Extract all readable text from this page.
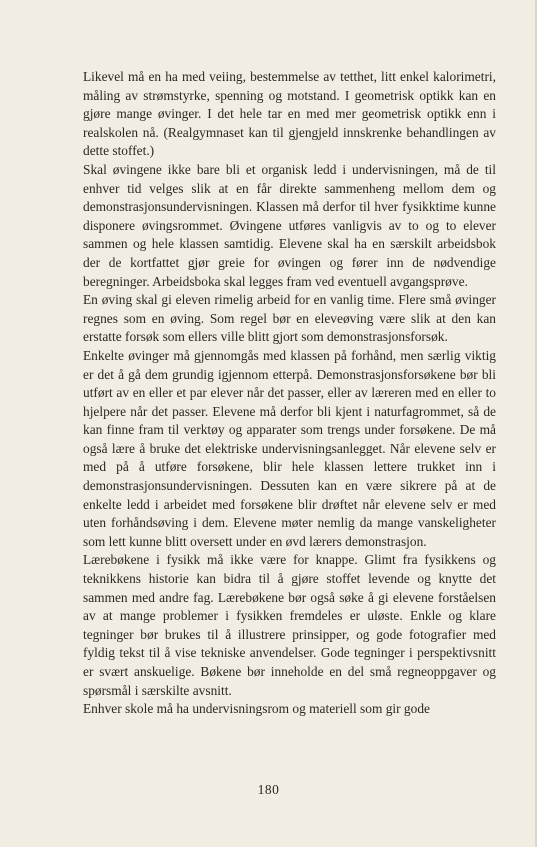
Likevel må en ha med veiing, bestemmelse av tetthet, litt enkel kalorimetri, måling av strømstyrke, spenning og motstand. I geometrisk optikk kan en gjøre mange øvinger. I det hele tar en med mer geometrisk optikk enn i realskolen nå. (Realgymnaset kan til gjengjeld innskrenke behandlingen av dette stoffet.)

Skal øvingene ikke bare bli et organisk ledd i undervisningen, må de til enhver tid velges slik at en får direkte sammenheng mellom dem og demonstrasjonsundervisningen. Klassen må derfor til hver fysikktime kunne disponere øvingsrommet. Øvingene utføres vanligvis av to og to elever sammen og hele klassen samtidig. Elevene skal ha en særskilt arbeidsbok der de kortfattet gjør greie for øvingen og fører inn de nødvendige beregninger. Arbeidsboka skal legges fram ved eventuell avgangsprøve.

En øving skal gi eleven rimelig arbeid for en vanlig time. Flere små øvinger regnes som en øving. Som regel bør en eleveøving være slik at den kan erstatte forsøk som ellers ville blitt gjort som demonstrasjonsforsøk.

Enkelte øvinger må gjennomgås med klassen på forhånd, men særlig viktig er det å gå dem grundig igjennom etterpå. Demonstrasjonsforsøkene bør bli utført av en eller et par elever når det passer, eller av læreren med en eller to hjelpere når det passer. Elevene må derfor bli kjent i naturfagrommet, så de kan finne fram til verktøy og apparater som trengs under forsøkene. De må også lære å bruke det elektriske undervisningsanlegget. Når elevene selv er med på å utføre forsøkene, blir hele klassen lettere trukket inn i demonstrasjonsundervisningen. Dessuten kan en være sikrere på at de enkelte ledd i arbeidet med forsøkene blir drøftet når elevene selv er med uten forhåndsøving i dem. Elevene møter nemlig da mange vanskeligheter som lett kunne blitt oversett under en øvd lærers demonstrasjon.

Lærebøkene i fysikk må ikke være for knappe. Glimt fra fysikkens og teknikkens historie kan bidra til å gjøre stoffet levende og knytte det sammen med andre fag. Lærebøkene bør også søke å gi elevene forståelsen av at mange problemer i fysikken fremdeles er uløste. Enkle og klare tegninger bør brukes til å illustrere prinsipper, og gode fotografier med fyldig tekst til å vise tekniske anvendelser. Gode tegninger i perspektivsnitt er svært anskuelige. Bøkene bør inneholde en del små regneoppgaver og spørsmål i særskilte avsnitt.

Enhver skole må ha undervisningsrom og materiell som gir gode

180
